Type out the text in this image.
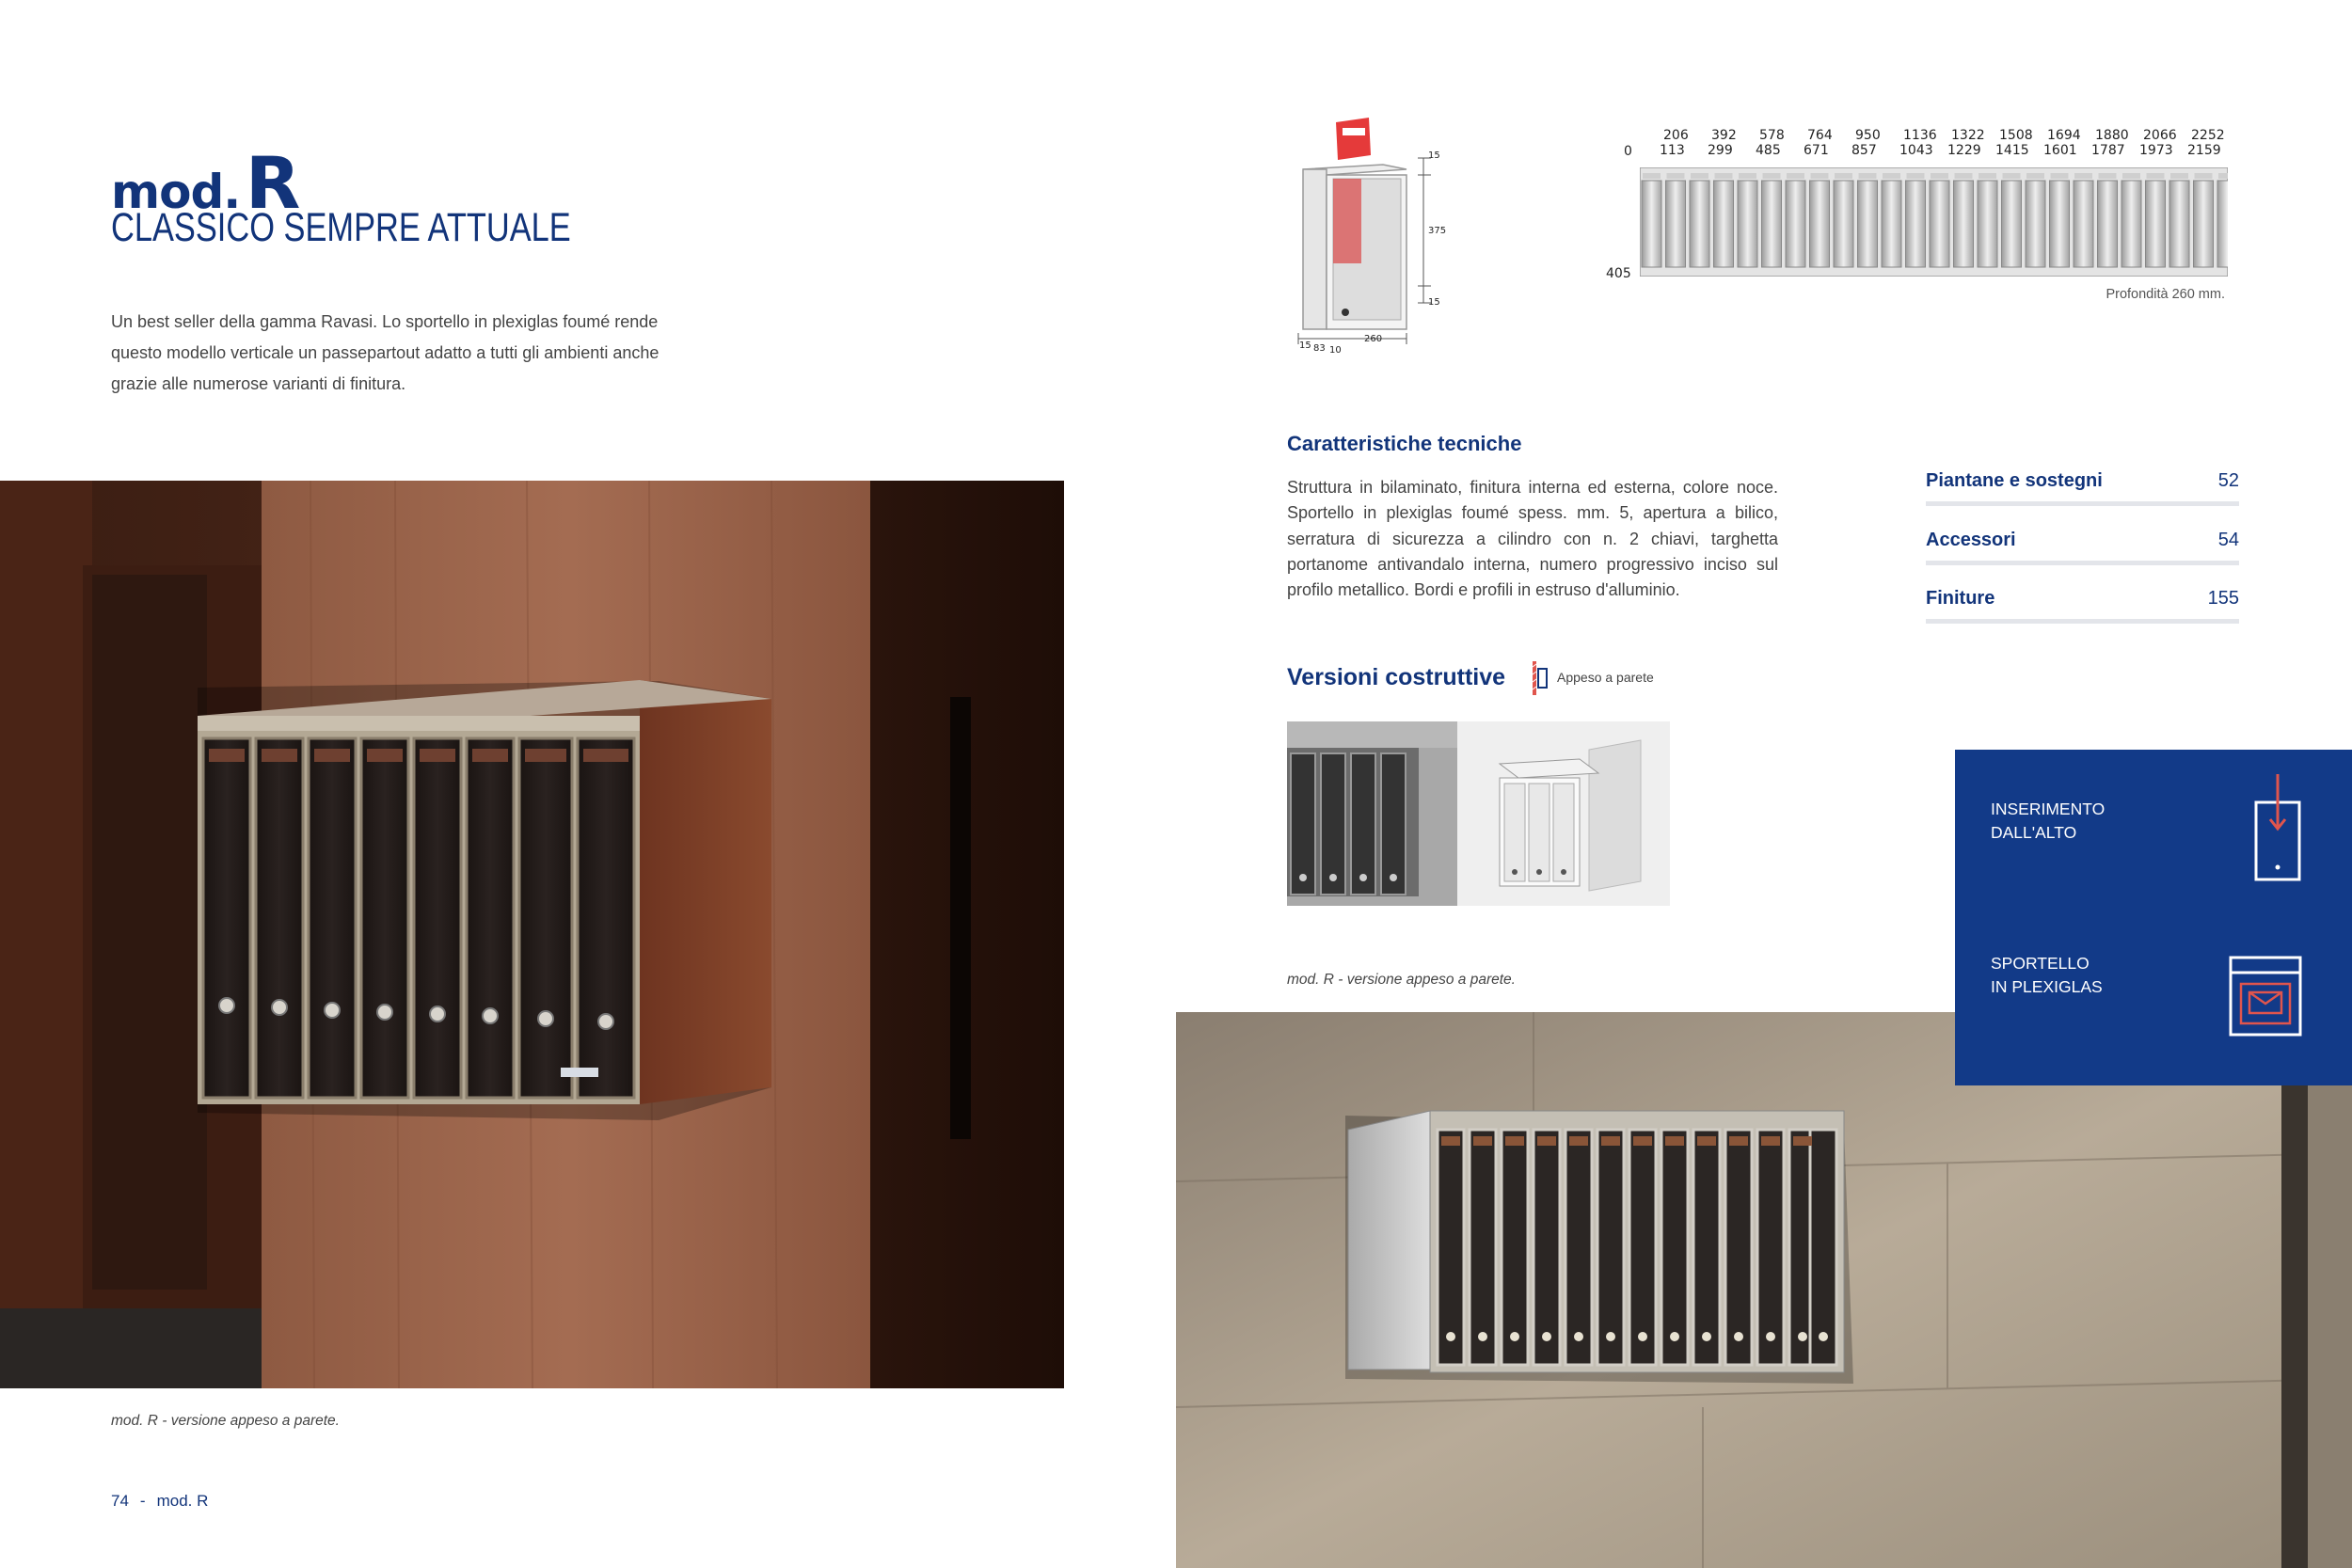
mod. R
CLASSICO SEMPRE ATTUALE

Un best seller della gamma Ravasi. Lo sportello in plexiglas foumé rende questo modello verticale un passepartout adatto a tutti gli ambienti anche grazie alle numerose varianti di finitura.

mod. R - versione appeso a parete.
74 - mod. R
15
375
15
15 83 10
260
0
405
206 392 578 764 950 1136 1322 1508 1694 1880 2066 2252
113 299 485 671 857 1043 1229 1415 1601 1787 1973 2159
Profondità 260 mm.
Caratteristiche tecniche

Struttura in bilaminato, finitura interna ed esterna, colore noce. Sportello in plexiglas foumé spess. mm. 5, apertura a bilico, serratura di sicurezza a cilindro con n. 2 chiavi, targhetta portanome antivandalo interna, numero progressivo inciso sul profilo metallico. Bordi e profili in estruso d'alluminio.

Piantane e sostegni	52
Accessori	54
Finiture	155
Versioni costruttive	Appeso a parete
mod. R - versione appeso a parete.
INSERIMENTO
DALL'ALTO
SPORTELLO
IN PLEXIGLAS
